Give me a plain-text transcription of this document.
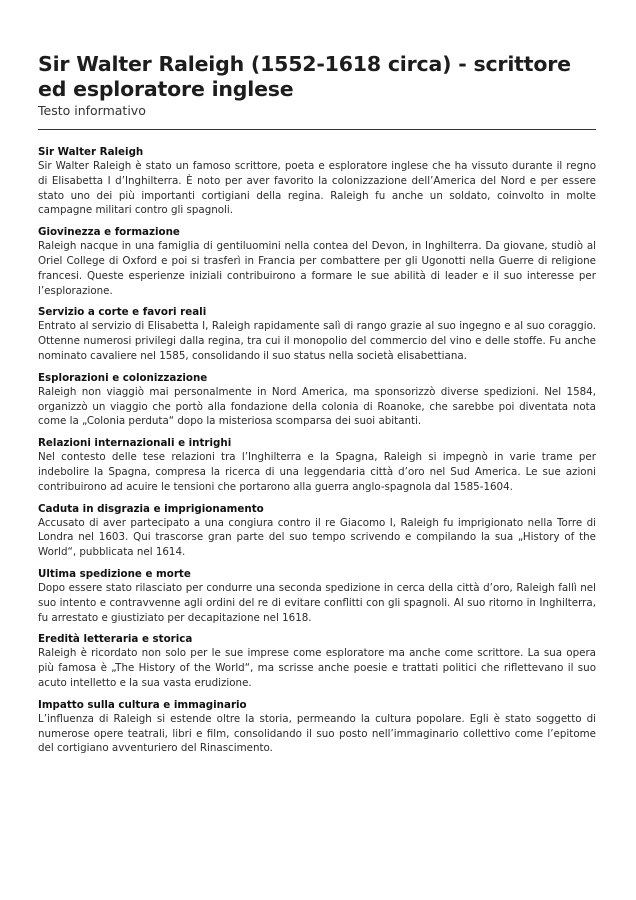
Sir Walter Raleigh (1552-1618 circa) - scrittore ed esploratore inglese
Testo informativo
Sir Walter Raleigh

Sir Walter Raleigh è stato un famoso scrittore, poeta e esploratore inglese che ha vissuto durante il regno di Elisabetta I d’Inghilterra. È noto per aver favorito la colonizzazione dell’America del Nord e per essere stato uno dei più importanti cortigiani della regina. Raleigh fu anche un soldato, coinvolto in molte campagne militari contro gli spagnoli.

Giovinezza e formazione

Raleigh nacque in una famiglia di gentiluomini nella contea del Devon, in Inghilterra. Da giovane, studiò al Oriel College di Oxford e poi si trasferì in Francia per combattere per gli Ugonotti nella Guerre di religione francesi. Queste esperienze iniziali contribuirono a formare le sue abilità di leader e il suo interesse per l’esplorazione.

Servizio a corte e favori reali

Entrato al servizio di Elisabetta I, Raleigh rapidamente salì di rango grazie al suo ingegno e al suo coraggio. Ottenne numerosi privilegi dalla regina, tra cui il monopolio del commercio del vino e delle stoffe. Fu anche nominato cavaliere nel 1585, consolidando il suo status nella società elisabettiana.

Esplorazioni e colonizzazione

Raleigh non viaggiò mai personalmente in Nord America, ma sponsorizzò diverse spedizioni. Nel 1584, organizzò un viaggio che portò alla fondazione della colonia di Roanoke, che sarebbe poi diventata nota come la „Colonia perduta“ dopo la misteriosa scomparsa dei suoi abitanti.

Relazioni internazionali e intrighi

Nel contesto delle tese relazioni tra l’Inghilterra e la Spagna, Raleigh si impegnò in varie trame per indebolire la Spagna, compresa la ricerca di una leggendaria città d’oro nel Sud America. Le sue azioni contribuirono ad acuire le tensioni che portarono alla guerra anglo-spagnola dal 1585-1604.

Caduta in disgrazia e imprigionamento

Accusato di aver partecipato a una congiura contro il re Giacomo I, Raleigh fu imprigionato nella Torre di Londra nel 1603. Qui trascorse gran parte del suo tempo scrivendo e compilando la sua „History of the World“, pubblicata nel 1614.

Ultima spedizione e morte

Dopo essere stato rilasciato per condurre una seconda spedizione in cerca della città d’oro, Raleigh fallì nel suo intento e contravvenne agli ordini del re di evitare conflitti con gli spagnoli. Al suo ritorno in Inghilterra, fu arrestato e giustiziato per decapitazione nel 1618.

Eredità letteraria e storica

Raleigh è ricordato non solo per le sue imprese come esploratore ma anche come scrittore. La sua opera più famosa è „The History of the World“, ma scrisse anche poesie e trattati politici che riflettevano il suo acuto intelletto e la sua vasta erudizione.

Impatto sulla cultura e immaginario

L’influenza di Raleigh si estende oltre la storia, permeando la cultura popolare. Egli è stato soggetto di numerose opere teatrali, libri e film, consolidando il suo posto nell’immaginario collettivo come l’epitome del cortigiano avventuriero del Rinascimento.
